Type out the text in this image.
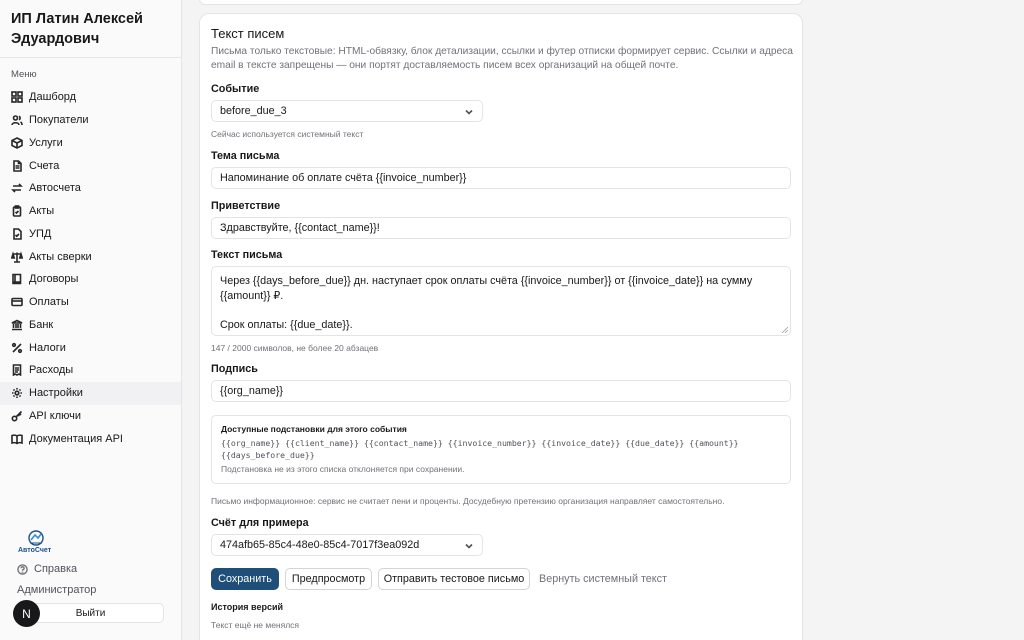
ИП Латин Алексей Эдуардович
Меню
Дашборд
Покупатели
Услуги
Счета
Автосчета
Акты
УПД
Акты сверки
Договоры
Оплаты
Банк
Налоги
Расходы
Настройки
API ключи
Документация API
АвтоСчет
Справка
Администратор
Выйти
N
Текст писем
Письма только текстовые: HTML-обвязку, блок детализации, ссылки и футер отписки формирует сервис. Ссылки и адреса email в тексте запрещены — они портят доставляемость писем всех организаций на общей почте.
Событие
before_due_3
Сейчас используется системный текст
Тема письма
Напоминание об оплате счёта {{invoice_number}}
Приветствие
Здравствуйте, {{contact_name}}!
Текст письма

Через {{days_before_due}} дн. наступает срок оплаты счёта {{invoice_number}} от {{invoice_date}} на сумму {{amount}} ₽.

Срок оплаты: {{due_date}}.

147 / 2000 символов, не более 20 абзацев
Подпись
{{org_name}}
Доступные подстановки для этого события
{{org_name}} {{client_name}} {{contact_name}} {{invoice_number}} {{invoice_date}} {{due_date}} {{amount}} {{days_before_due}}
Подстановка не из этого списка отклоняется при сохранении.
Письмо информационное: сервис не считает пени и проценты. Досудебную претензию организация направляет самостоятельно.
Счёт для примера
474afb65-85c4-48e0-85c4-7017f3ea092d
Сохранить	Предпросмотр	Отправить тестовое письмо	Вернуть системный текст
История версий
Текст ещё не менялся
